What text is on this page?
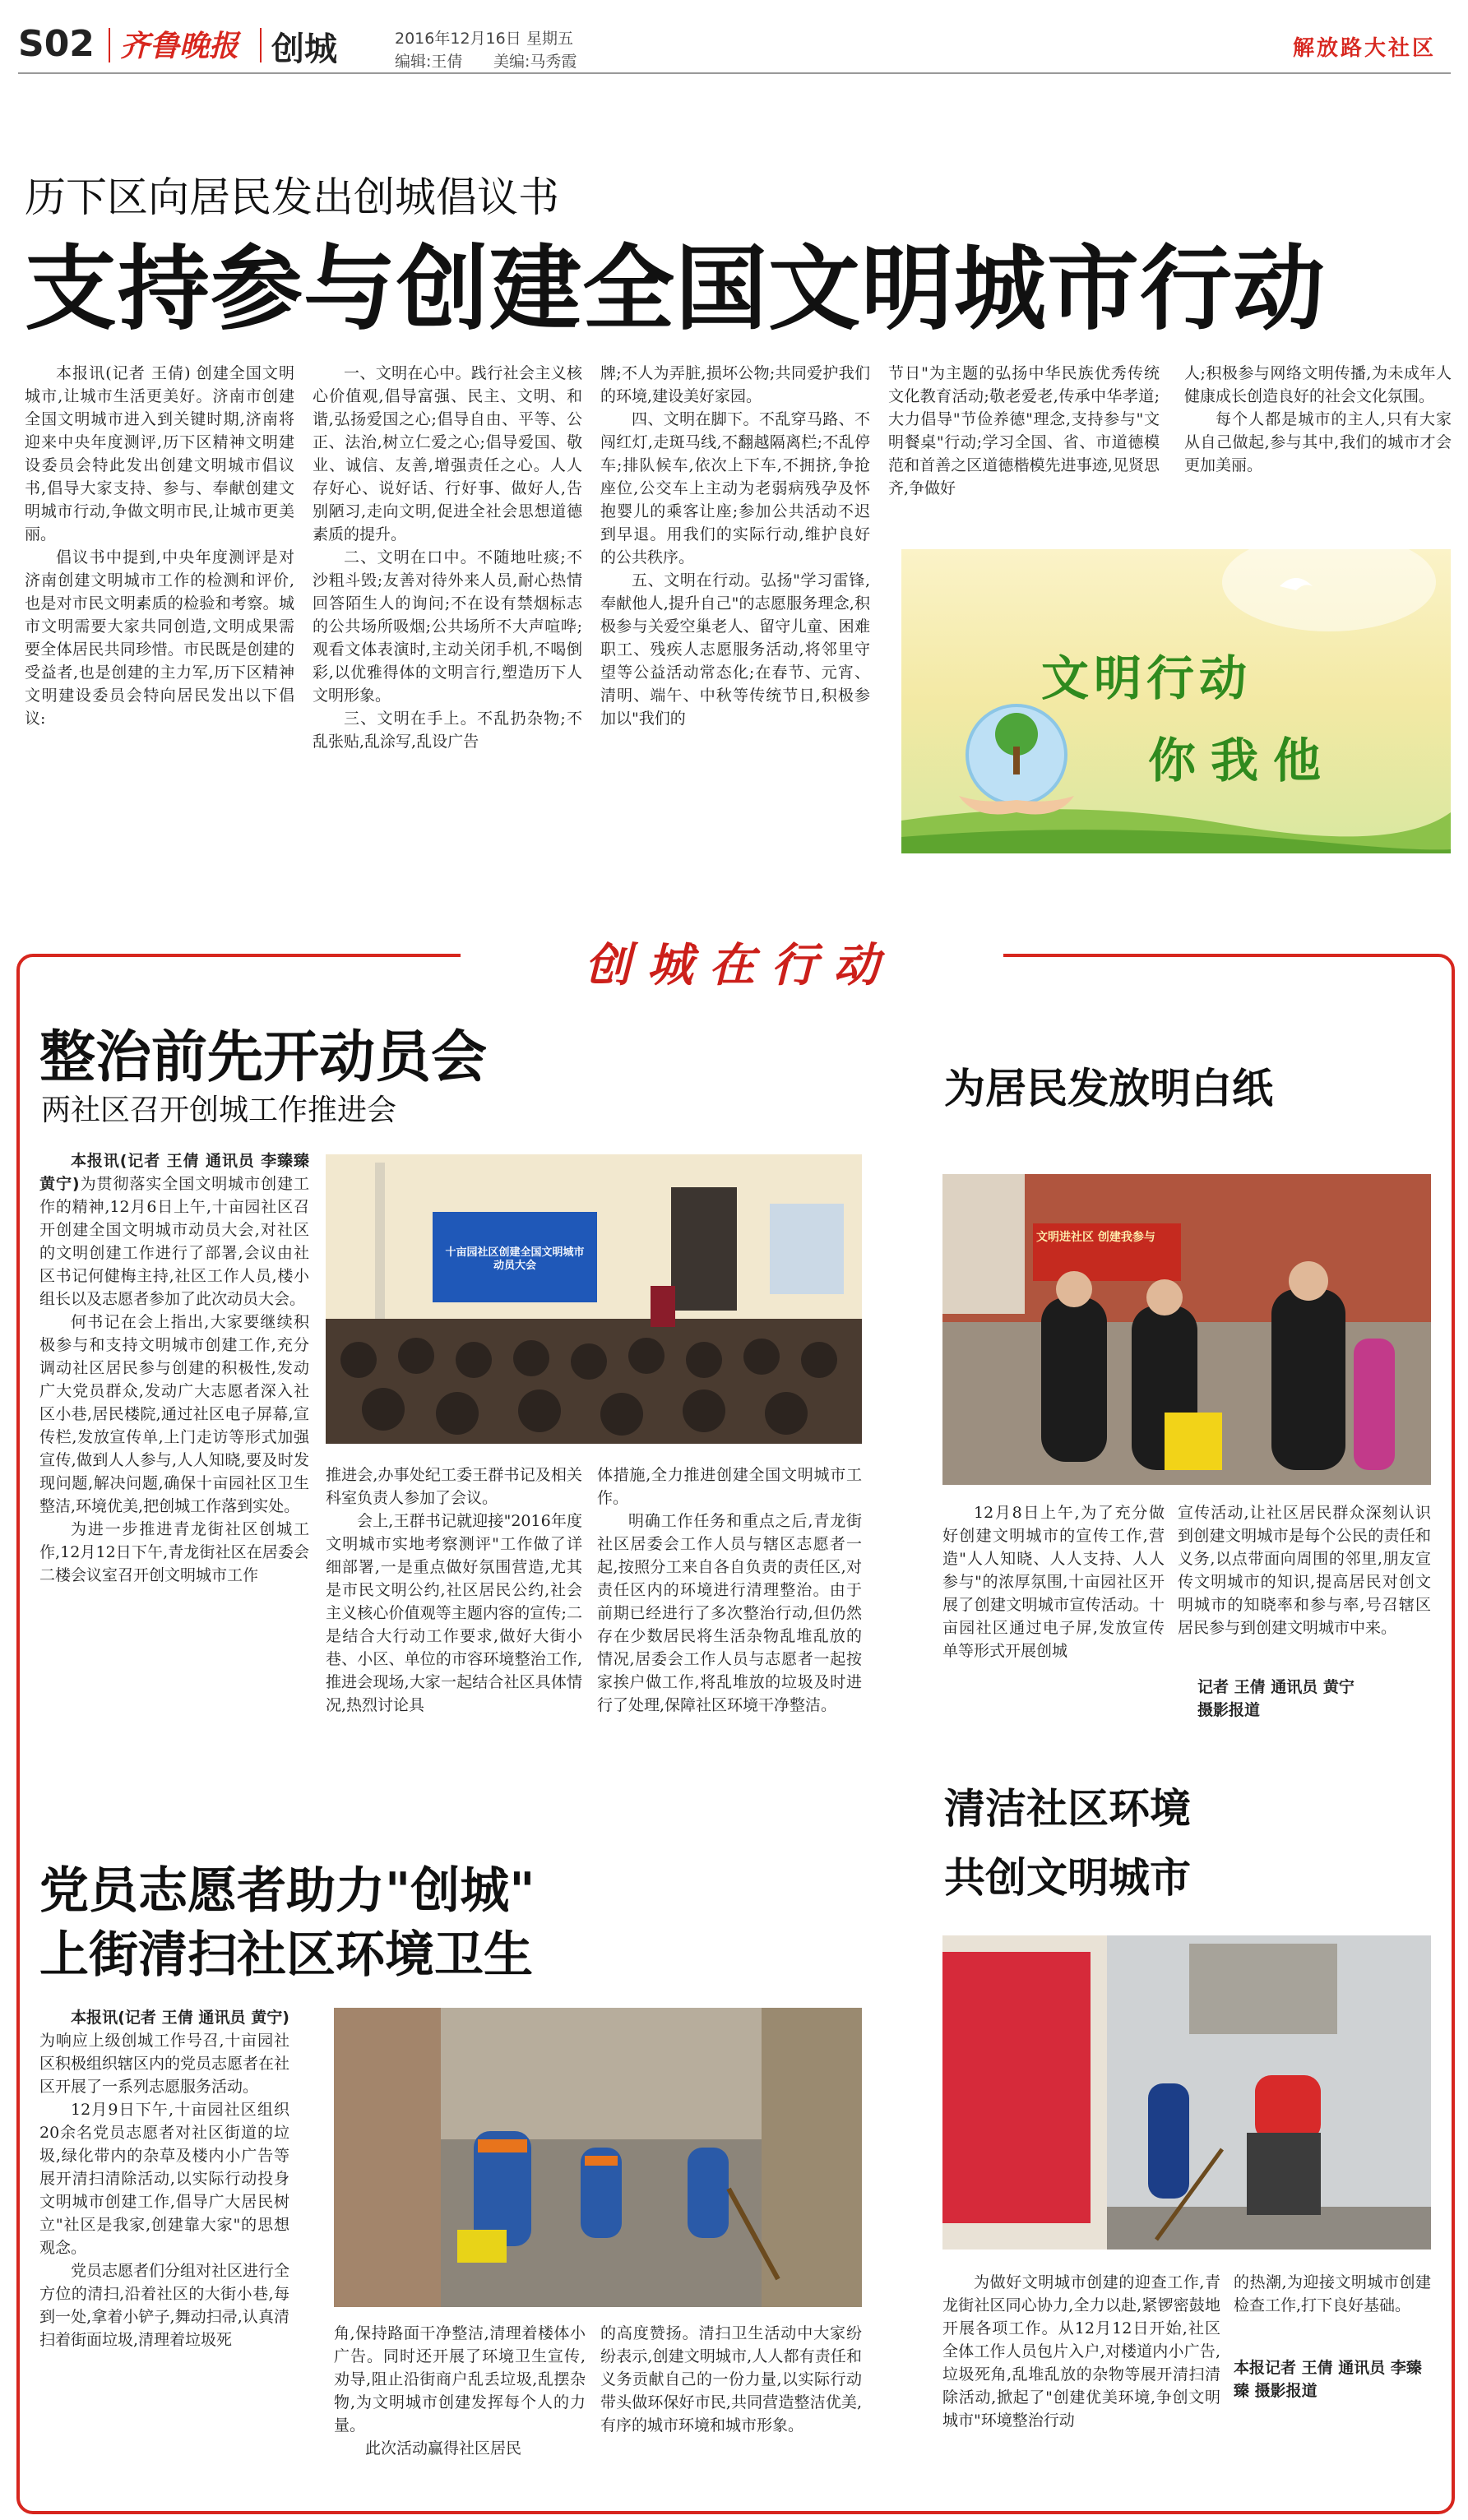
S02 齐鲁晚报 创城	2016年12月16日 星期五
编辑:王倩 美编:马秀霞
解放路大社区
历下区向居民发出创城倡议书
支持参与创建全国文明城市行动

本报讯(记者 王倩) 创建全国文明城市,让城市生活更美好。济南市创建全国文明城市进入到关键时期,济南将迎来中央年度测评,历下区精神文明建设委员会特此发出创建文明城市倡议书,倡导大家支持、参与、奉献创建文明城市行动,争做文明市民,让城市更美丽。

倡议书中提到,中央年度测评是对济南创建文明城市工作的检测和评价,也是对市民文明素质的检验和考察。城市文明需要大家共同创造,文明成果需要全体居民共同珍惜。市民既是创建的受益者,也是创建的主力军,历下区精神文明建设委员会特向居民发出以下倡议:

一、文明在心中。践行社会主义核心价值观,倡导富强、民主、文明、和谐,弘扬爱国之心;倡导自由、平等、公正、法治,树立仁爱之心;倡导爱国、敬业、诚信、友善,增强责任之心。人人存好心、说好话、行好事、做好人,告别陋习,走向文明,促进全社会思想道德素质的提升。

二、文明在口中。不随地吐痰;不沙粗斗毁;友善对待外来人员,耐心热情回答陌生人的询问;不在设有禁烟标志的公共场所吸烟;公共场所不大声喧哗;观看文体表演时,主动关闭手机,不喝倒彩,以优雅得体的文明言行,塑造历下人文明形象。

三、文明在手上。不乱扔杂物;不乱张贴,乱涂写,乱设广告

牌;不人为弄脏,损坏公物;共同爱护我们的环境,建设美好家园。

四、文明在脚下。不乱穿马路、不闯红灯,走斑马线,不翻越隔离栏;不乱停车;排队候车,依次上下车,不拥挤,争抢座位,公交车上主动为老弱病残孕及怀抱婴儿的乘客让座;参加公共活动不迟到早退。用我们的实际行动,维护良好的公共秩序。

五、文明在行动。弘扬"学习雷锋,奉献他人,提升自己"的志愿服务理念,积极参与关爱空巢老人、留守儿童、困难职工、残疾人志愿服务活动,将邻里守望等公益活动常态化;在春节、元宵、清明、端午、中秋等传统节日,积极参加以"我们的

节日"为主题的弘扬中华民族优秀传统文化教育活动;敬老爱老,传承中华孝道;大力倡导"节俭养德"理念,支持参与"文明餐桌"行动;学习全国、省、市道德模范和首善之区道德楷模先进事迹,见贤思齐,争做好

人;积极参与网络文明传播,为未成年人健康成长创造良好的社会文化氛围。

每个人都是城市的主人,只有大家从自己做起,参与其中,我们的城市才会更加美丽。

文明行动
你我他
创 城 在 行 动
整治前先开动员会
两社区召开创城工作推进会

本报讯(记者 王倩 通讯员 李臻臻 黄宁)为贯彻落实全国文明城市创建工作的精神,12月6日上午,十亩园社区召开创建全国文明城市动员大会,对社区的文明创建工作进行了部署,会议由社区书记何健梅主持,社区工作人员,楼小组长以及志愿者参加了此次动员大会。

何书记在会上指出,大家要继续积极参与和支持文明城市创建工作,充分调动社区居民参与创建的积极性,发动广大党员群众,发动广大志愿者深入社区小巷,居民楼院,通过社区电子屏幕,宣传栏,发放宣传单,上门走访等形式加强宣传,做到人人参与,人人知晓,要及时发现问题,解决问题,确保十亩园社区卫生整洁,环境优美,把创城工作落到实处。

为进一步推进青龙街社区创城工作,12月12日下午,青龙街社区在居委会二楼会议室召开创文明城市工作

十亩园社区创建全国文明城市动员大会

推进会,办事处纪工委王群书记及相关科室负责人参加了会议。

会上,王群书记就迎接"2016年度文明城市实地考察测评"工作做了详细部署,一是重点做好氛围营造,尤其是市民文明公约,社区居民公约,社会主义核心价值观等主题内容的宣传;二是结合大行动工作要求,做好大街小巷、小区、单位的市容环境整治工作,推进会现场,大家一起结合社区具体情况,热烈讨论具

体措施,全力推进创建全国文明城市工作。

明确工作任务和重点之后,青龙街社区居委会工作人员与辖区志愿者一起,按照分工来自各自负责的责任区,对责任区内的环境进行清理整治。由于前期已经进行了多次整治行动,但仍然存在少数居民将生活杂物乱堆乱放的情况,居委会工作人员与志愿者一起按家挨户做工作,将乱堆放的垃圾及时进行了处理,保障社区环境干净整洁。

为居民发放明白纸
文明进社区 创建我参与

12月8日上午,为了充分做好创建文明城市的宣传工作,营造"人人知晓、人人支持、人人参与"的浓厚氛围,十亩园社区开展了创建文明城市宣传活动。十亩园社区通过电子屏,发放宣传单等形式开展创城

宣传活动,让社区居民群众深刻认识到创建文明城市是每个公民的责任和义务,以点带面向周围的邻里,朋友宣传文明城市的知识,提高居民对创文明城市的知晓率和参与率,号召辖区居民参与到创建文明城市中来。

记者 王倩 通讯员 黄宁
摄影报道
党员志愿者助力"创城"
上街清扫社区环境卫生

本报讯(记者 王倩 通讯员 黄宁)为响应上级创城工作号召,十亩园社区积极组织辖区内的党员志愿者在社区开展了一系列志愿服务活动。

12月9日下午,十亩园社区组织20余名党员志愿者对社区街道的垃圾,绿化带内的杂草及楼内小广告等展开清扫清除活动,以实际行动投身文明城市创建工作,倡导广大居民树立"社区是我家,创建靠大家"的思想观念。

党员志愿者们分组对社区进行全方位的清扫,沿着社区的大街小巷,每到一处,拿着小铲子,舞动扫帚,认真清扫着街面垃圾,清理着垃圾死	角,保持路面干净整洁,清理着楼体小广告。同时还开展了环境卫生宣传,劝导,阻止沿街商户乱丢垃圾,乱摆杂物,为文明城市创建发挥每个人的力量。

此次活动赢得社区居民

的高度赞扬。清扫卫生活动中大家纷纷表示,创建文明城市,人人都有责任和义务贡献自己的一份力量,以实际行动带头做环保好市民,共同营造整洁优美,有序的城市环境和城市形象。

清洁社区环境
共创文明城市

为做好文明城市创建的迎查工作,青龙街社区同心协力,全力以赴,紧锣密鼓地开展各项工作。从12月12日开始,社区全体工作人员包片入户,对楼道内小广告,垃圾死角,乱堆乱放的杂物等展开清扫清除活动,掀起了"创建优美环境,争创文明城市"环境整治行动

的热潮,为迎接文明城市创建检查工作,打下良好基础。

本报记者 王倩 通讯员 李臻臻 摄影报道
